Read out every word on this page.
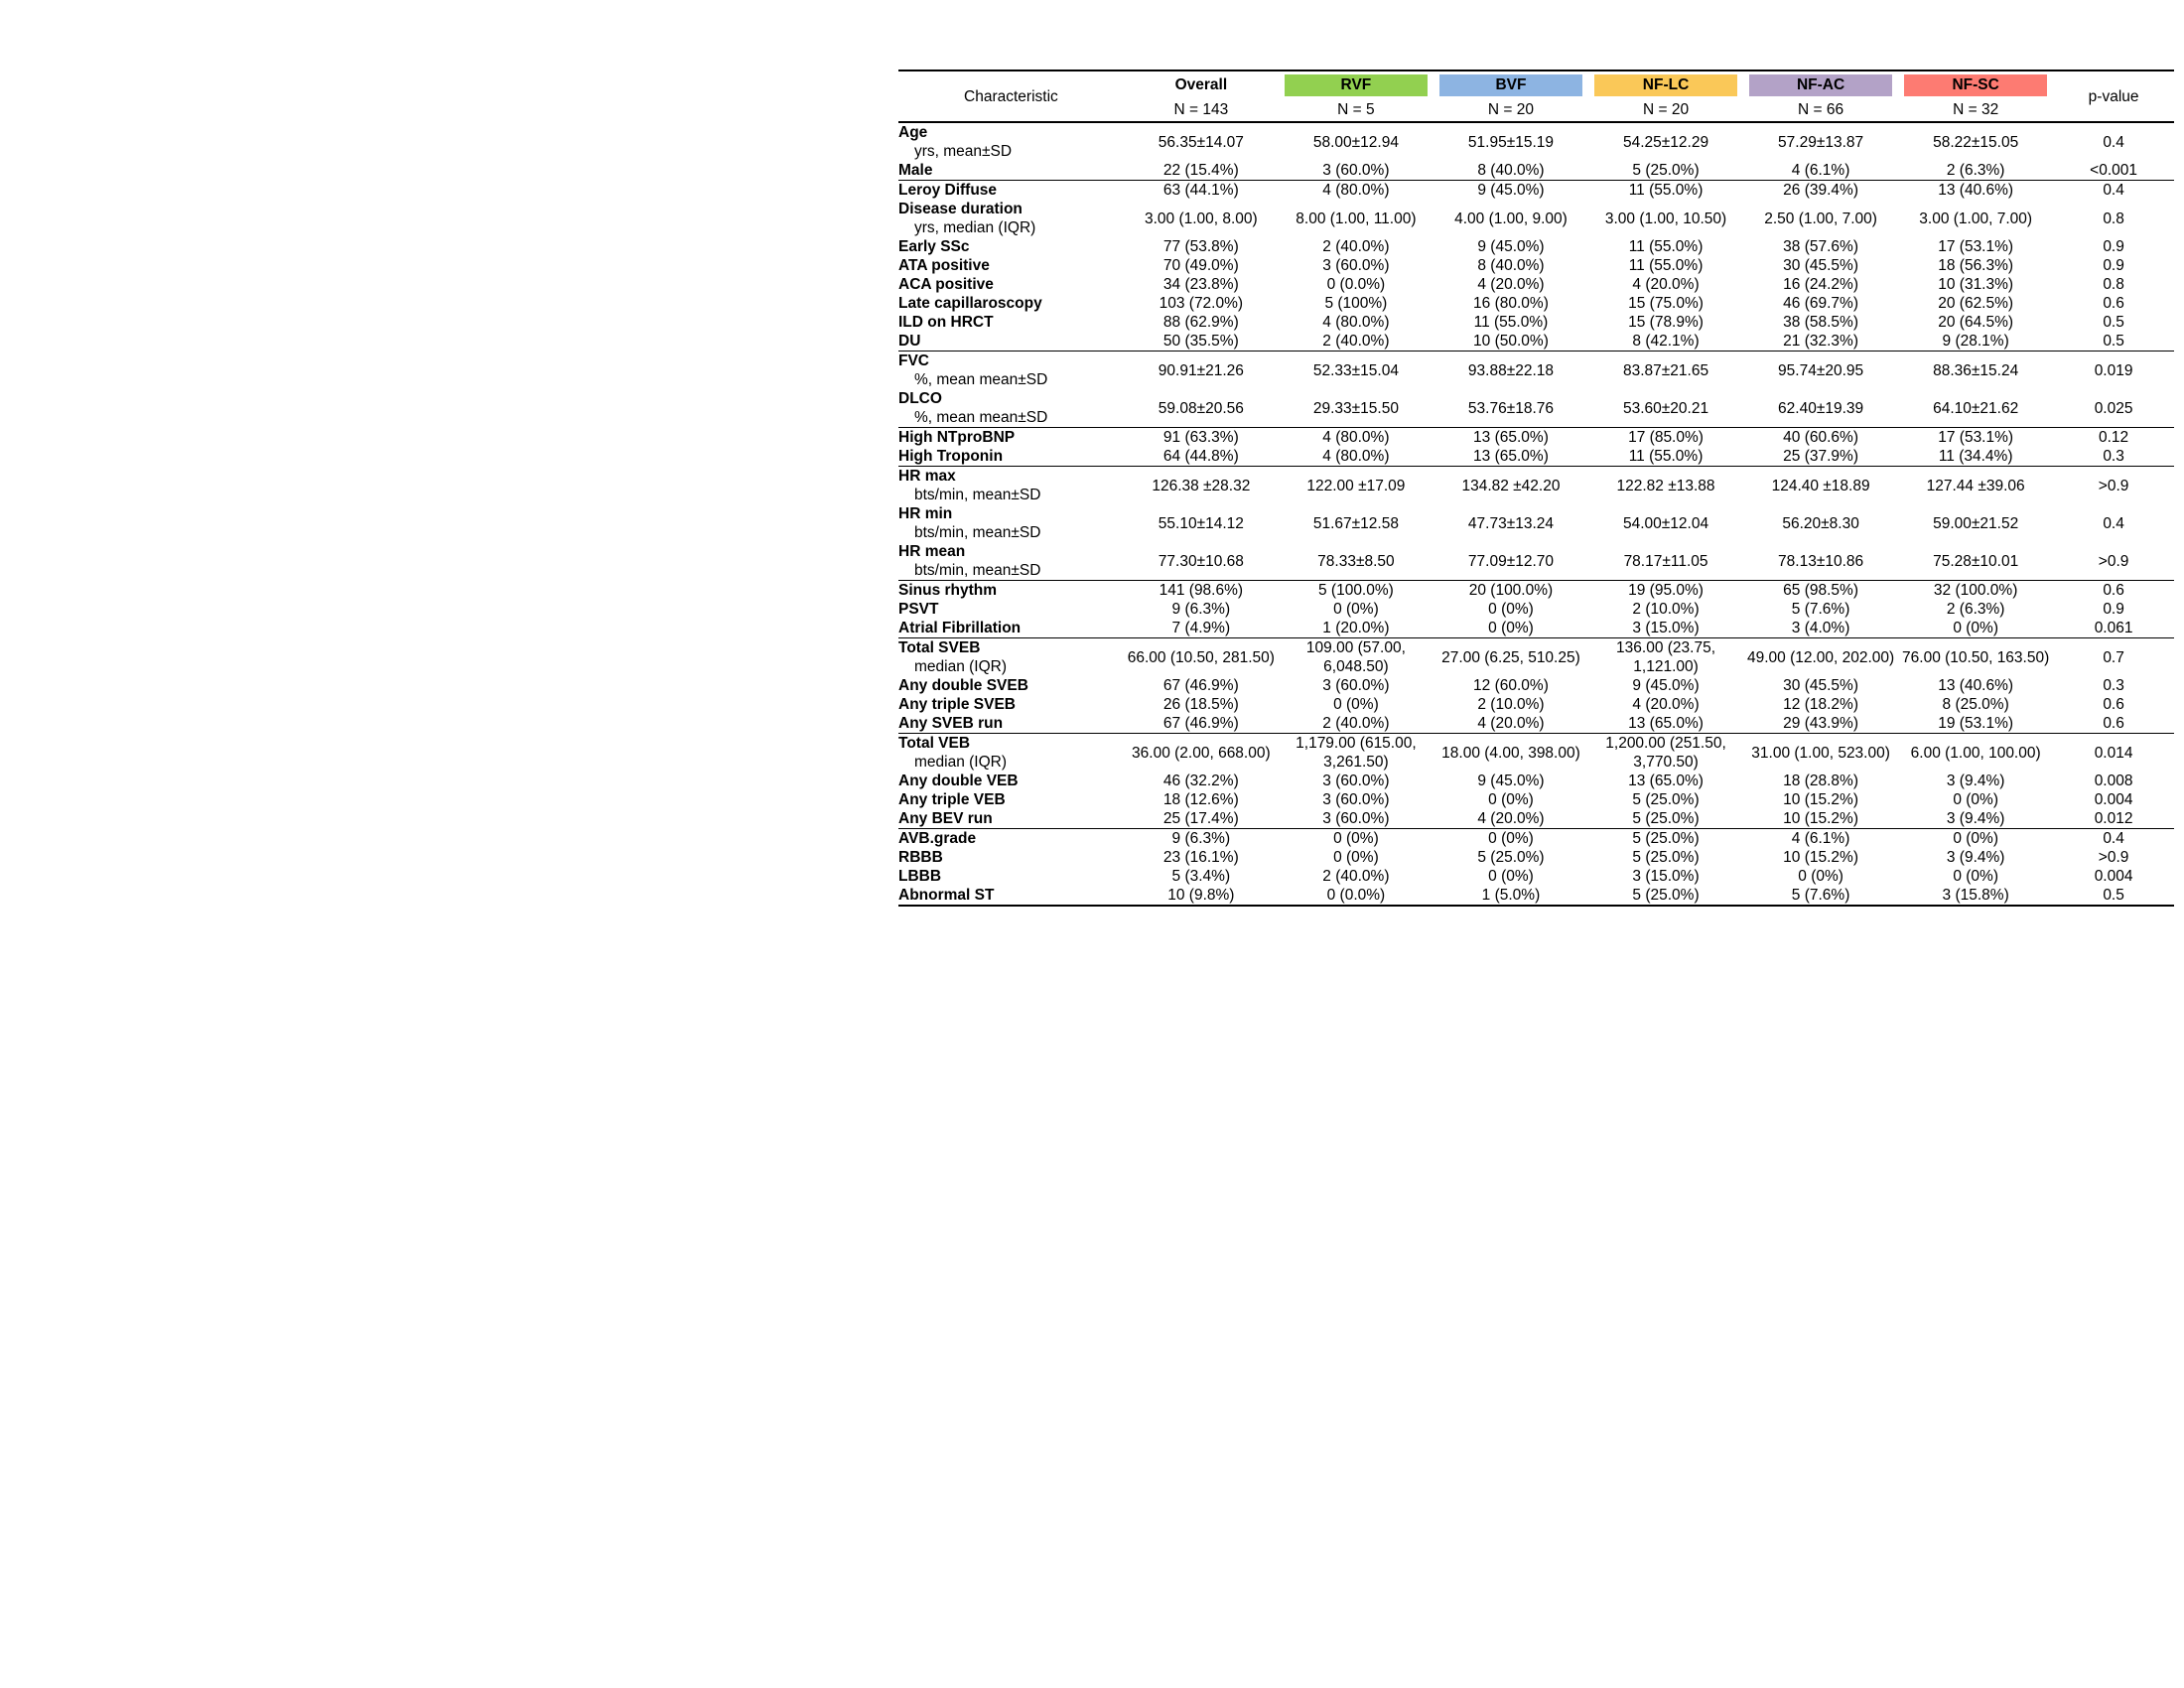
Characteristic	Overall	RVF	BVF	NF-LC	NF-AC	NF-SC	p-value

	N = 143	N = 5	N = 20	N = 20	N = 66	N = 32	

Age
yrs, mean±SD	56.35±14.07	58.00±12.94	51.95±15.19	54.25±12.29	57.29±13.87	58.22±15.05	0.4

Male	22 (15.4%)	3 (60.0%)	8 (40.0%)	5 (25.0%)	4 (6.1%)	2 (6.3%)	<0.001

Leroy Diffuse	63 (44.1%)	4 (80.0%)	9 (45.0%)	11 (55.0%)	26 (39.4%)	13 (40.6%)	0.4

Disease duration
yrs, median (IQR)	3.00 (1.00, 8.00)	8.00 (1.00, 11.00)	4.00 (1.00, 9.00)	3.00 (1.00, 10.50)	2.50 (1.00, 7.00)	3.00 (1.00, 7.00)	0.8

Early SSc	77 (53.8%)	2 (40.0%)	9 (45.0%)	11 (55.0%)	38 (57.6%)	17 (53.1%)	0.9

ATA positive	70 (49.0%)	3 (60.0%)	8 (40.0%)	11 (55.0%)	30 (45.5%)	18 (56.3%)	0.9

ACA positive	34 (23.8%)	0 (0.0%)	4 (20.0%)	4 (20.0%)	16 (24.2%)	10 (31.3%)	0.8

Late capillaroscopy	103 (72.0%)	5 (100%)	16 (80.0%)	15 (75.0%)	46 (69.7%)	20 (62.5%)	0.6

ILD on HRCT	88 (62.9%)	4 (80.0%)	11 (55.0%)	15 (78.9%)	38 (58.5%)	20 (64.5%)	0.5

DU	50 (35.5%)	2 (40.0%)	10 (50.0%)	8 (42.1%)	21 (32.3%)	9 (28.1%)	0.5

FVC
%, mean mean±SD	90.91±21.26	52.33±15.04	93.88±22.18	83.87±21.65	95.74±20.95	88.36±15.24	0.019

DLCO
%, mean mean±SD	59.08±20.56	29.33±15.50	53.76±18.76	53.60±20.21	62.40±19.39	64.10±21.62	0.025

High NTproBNP	91 (63.3%)	4 (80.0%)	13 (65.0%)	17 (85.0%)	40 (60.6%)	17 (53.1%)	0.12

High Troponin	64 (44.8%)	4 (80.0%)	13 (65.0%)	11 (55.0%)	25 (37.9%)	11 (34.4%)	0.3

HR max
bts/min, mean±SD	126.38 ±28.32	122.00 ±17.09	134.82 ±42.20	122.82 ±13.88	124.40 ±18.89	127.44 ±39.06	>0.9

HR min
bts/min, mean±SD	55.10±14.12	51.67±12.58	47.73±13.24	54.00±12.04	56.20±8.30	59.00±21.52	0.4

HR mean
bts/min, mean±SD	77.30±10.68	78.33±8.50	77.09±12.70	78.17±11.05	78.13±10.86	75.28±10.01	>0.9

Sinus rhythm	141 (98.6%)	5 (100.0%)	20 (100.0%)	19 (95.0%)	65 (98.5%)	32 (100.0%)	0.6

PSVT	9 (6.3%)	0 (0%)	0 (0%)	2 (10.0%)	5 (7.6%)	2 (6.3%)	0.9

Atrial Fibrillation	7 (4.9%)	1 (20.0%)	0 (0%)	3 (15.0%)	3 (4.0%)	0 (0%)	0.061

Total SVEB
median (IQR)	66.00 (10.50, 281.50)	109.00 (57.00, 6,048.50)	27.00 (6.25, 510.25)	136.00 (23.75, 1,121.00)	49.00 (12.00, 202.00)	76.00 (10.50, 163.50)	0.7

Any double SVEB	67 (46.9%)	3 (60.0%)	12 (60.0%)	9 (45.0%)	30 (45.5%)	13 (40.6%)	0.3

Any triple SVEB	26 (18.5%)	0 (0%)	2 (10.0%)	4 (20.0%)	12 (18.2%)	8 (25.0%)	0.6

Any SVEB run	67 (46.9%)	2 (40.0%)	4 (20.0%)	13 (65.0%)	29 (43.9%)	19 (53.1%)	0.6

Total VEB
median (IQR)	36.00 (2.00, 668.00)	1,179.00 (615.00, 3,261.50)	18.00 (4.00, 398.00)	1,200.00 (251.50, 3,770.50)	31.00 (1.00, 523.00)	6.00 (1.00, 100.00)	0.014

Any double VEB	46 (32.2%)	3 (60.0%)	9 (45.0%)	13 (65.0%)	18 (28.8%)	3 (9.4%)	0.008

Any triple VEB	18 (12.6%)	3 (60.0%)	0 (0%)	5 (25.0%)	10 (15.2%)	0 (0%)	0.004

Any BEV run	25 (17.4%)	3 (60.0%)	4 (20.0%)	5 (25.0%)	10 (15.2%)	3 (9.4%)	0.012

AVB.grade	9 (6.3%)	0 (0%)	0 (0%)	5 (25.0%)	4 (6.1%)	0 (0%)	0.4

RBBB	23 (16.1%)	0 (0%)	5 (25.0%)	5 (25.0%)	10 (15.2%)	3 (9.4%)	>0.9

LBBB	5 (3.4%)	2 (40.0%)	0 (0%)	3 (15.0%)	0 (0%)	0 (0%)	0.004

Abnormal ST	10 (9.8%)	0 (0.0%)	1 (5.0%)	5 (25.0%)	5 (7.6%)	3 (15.8%)	0.5
